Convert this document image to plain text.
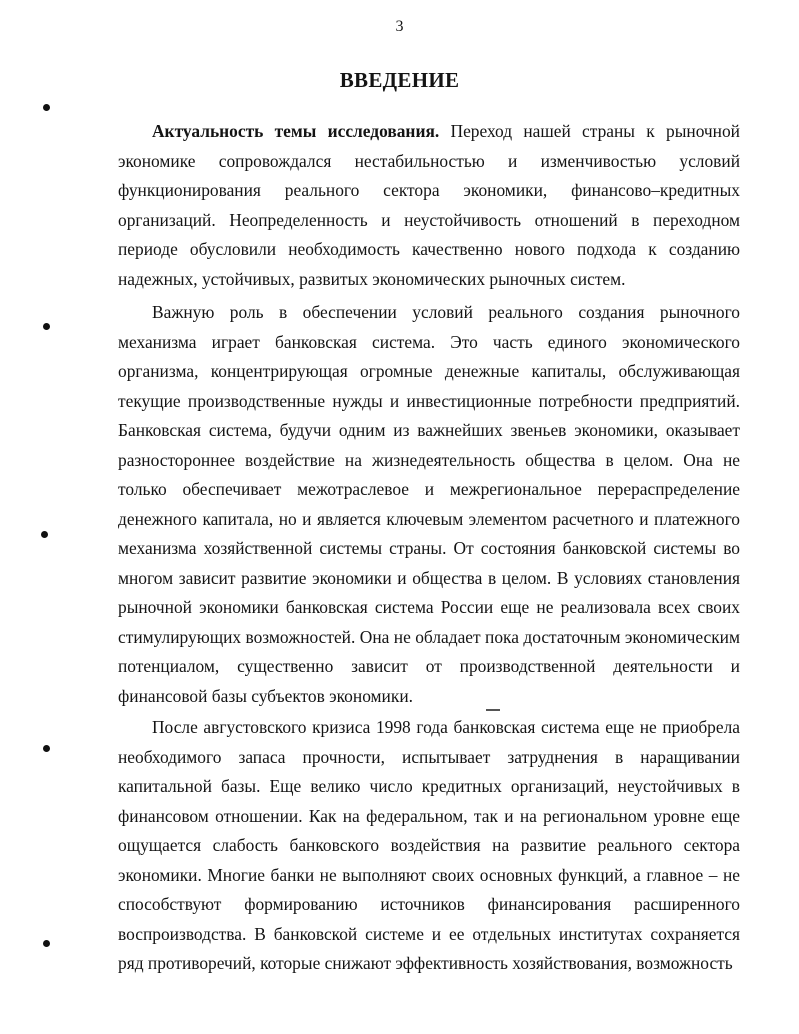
3
ВВЕДЕНИЕ

Актуальность темы исследования. Переход нашей страны к рыночной экономике сопровождался нестабильностью и изменчивостью условий функционирования реального сектора экономики, финансово–кредитных организаций. Неопределенность и неустойчивость отношений в переходном периоде обусловили необходимость качественно нового подхода к созданию надежных, устойчивых, развитых экономических рыночных систем.

Важную роль в обеспечении условий реального создания рыночного механизма играет банковская система. Это часть единого экономического организма, концентрирующая огромные денежные капиталы, обслуживающая текущие производственные нужды и инвестиционные потребности предприятий. Банковская система, будучи одним из важнейших звеньев экономики, оказывает разностороннее воздействие на жизнедеятельность общества в целом. Она не только обеспечивает межотраслевое и межрегиональное перераспределение денежного капитала, но и является ключевым элементом расчетного и платежного механизма хозяйственной системы страны. От состояния банковской системы во многом зависит развитие экономики и общества в целом. В условиях становления рыночной экономики банковская система России еще не реализовала всех своих стимулирующих возможностей. Она не обладает пока достаточным экономическим потенциалом, существенно зависит от производственной деятельности и финансовой базы субъектов экономики.

После августовского кризиса 1998 года банковская система еще не приобрела необходимого запаса прочности, испытывает затруднения в наращивании капитальной базы. Еще велико число кредитных организаций, неустойчивых в финансовом отношении. Как на федеральном, так и на региональном уровне еще ощущается слабость банковского воздействия на развитие реального сектора экономики. Многие банки не выполняют своих основных функций, а главное – не способствуют формированию источников финансирования расширенного воспроизводства. В банковской системе и ее отдельных институтах сохраняется ряд противоречий, которые снижают эффективность хозяйствования, возможность
